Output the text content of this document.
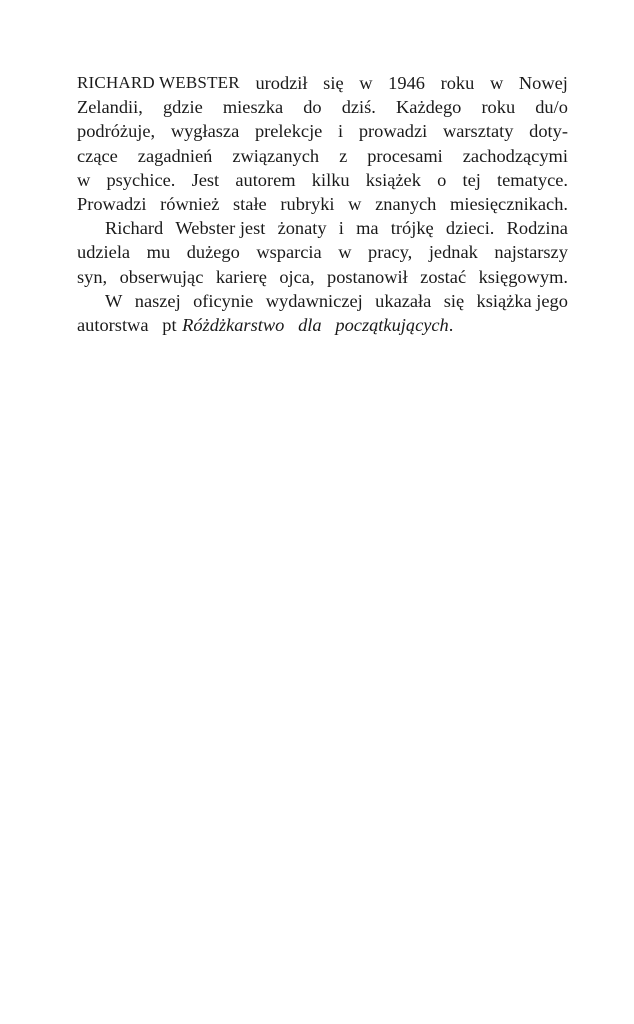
RICHARD WEBSTER urodził się w 1946 roku w Nowej
Zelandii, gdzie mieszka do dziś. Każdego roku du/o
podróżuje, wygłasza prelekcje i prowadzi warsztaty doty-
czące zagadnień związanych z procesami zachodzącymi
w psychice. Jest autorem kilku książek o tej tematyce.
Prowadzi również stałe rubryki w znanych miesięcznikach.
Richard Webster jest żonaty i ma trójkę dzieci. Rodzina
udziela mu dużego wsparcia w pracy, jednak najstarszy
syn, obserwując karierę ojca, postanowił zostać księgowym.
W naszej oficynie wydawniczej ukazała się książka jego
autorstwa   pt Różdżkarstwo   dla   początkujących .
